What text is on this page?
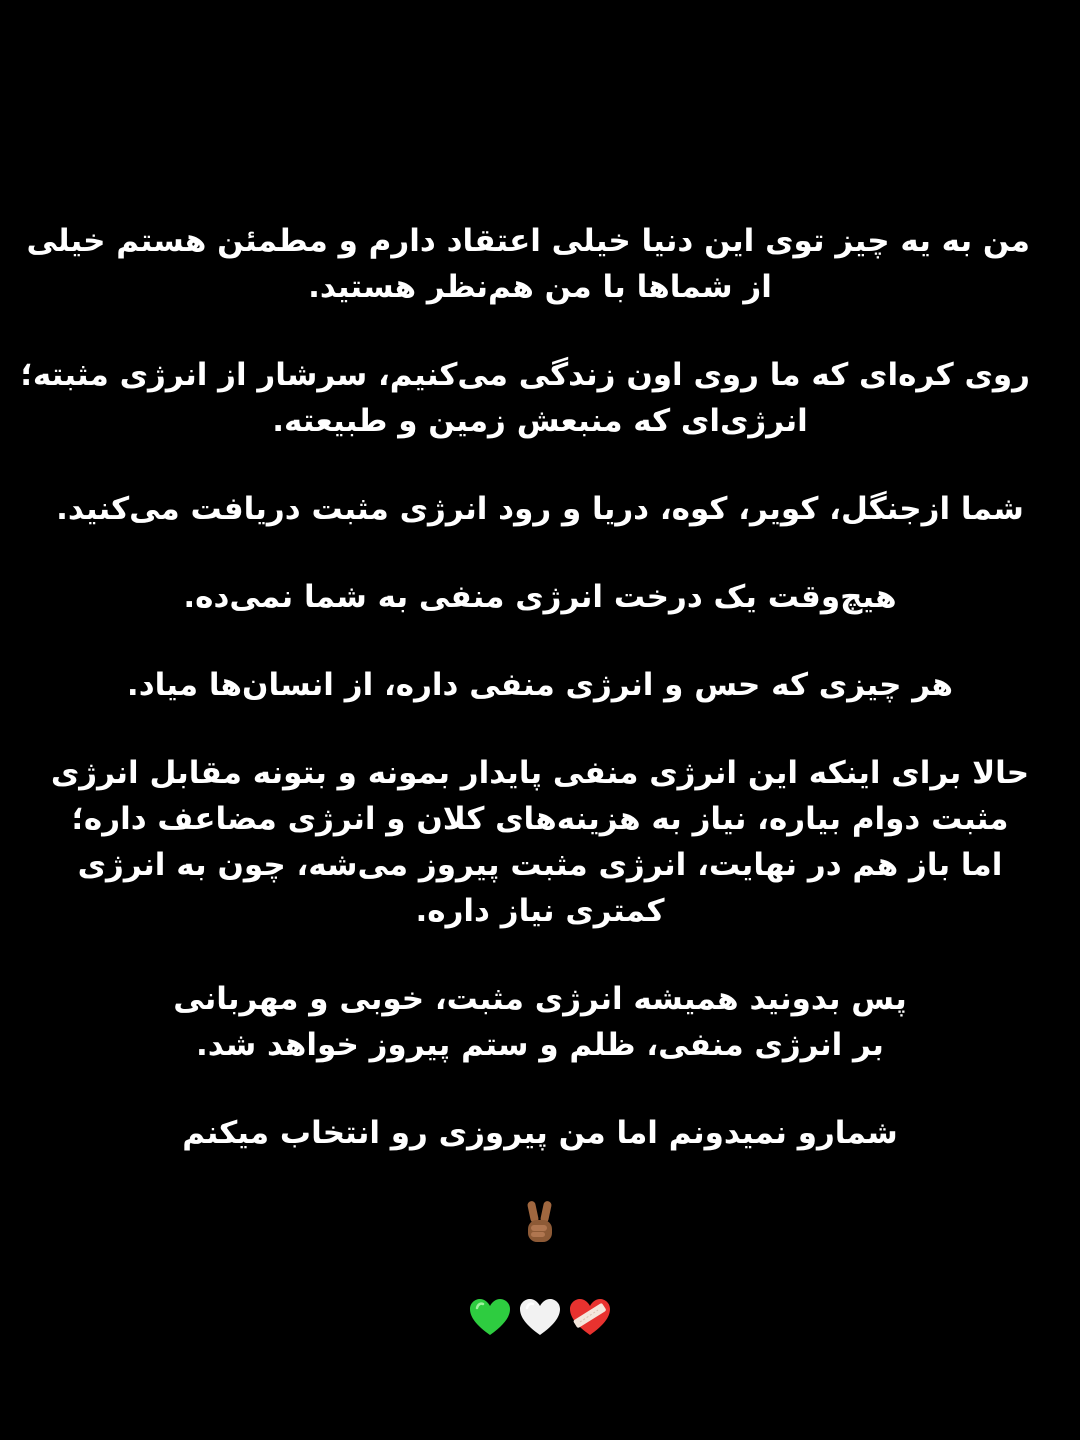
من به یه چیز توی این دنیا خیلی اعتقاد دارم و مطمئن هستم خیلی
از شماها با من هم‌نظر هستید.

روی کره‌ای که ما روی اون زندگی می‌کنیم، سرشار از انرژی مثبته؛
انرژی‌ای که منبعش زمین و طبیعته.

شما ازجنگل، کویر، کوه، دریا و رود انرژی مثبت دریافت می‌کنید.

هیچ‌وقت یک درخت انرژی منفی به شما نمی‌ده.

هر چیزی که حس و انرژی منفی داره، از انسان‌ها میاد.

حالا برای اینکه این انرژی منفی پایدار بمونه و بتونه مقابل انرژی
مثبت دوام بیاره، نیاز به هزینه‌های کلان و انرژی مضاعف داره؛
اما باز هم در نهایت، انرژی مثبت پیروز می‌شه، چون به انرژی
کمتری نیاز داره.

پس بدونید همیشه انرژی مثبت، خوبی و مهربانی
بر انرژی منفی، ظلم و ستم پیروز خواهد شد.

شمارو نمیدونم اما من پیروزی رو انتخاب میکنم
